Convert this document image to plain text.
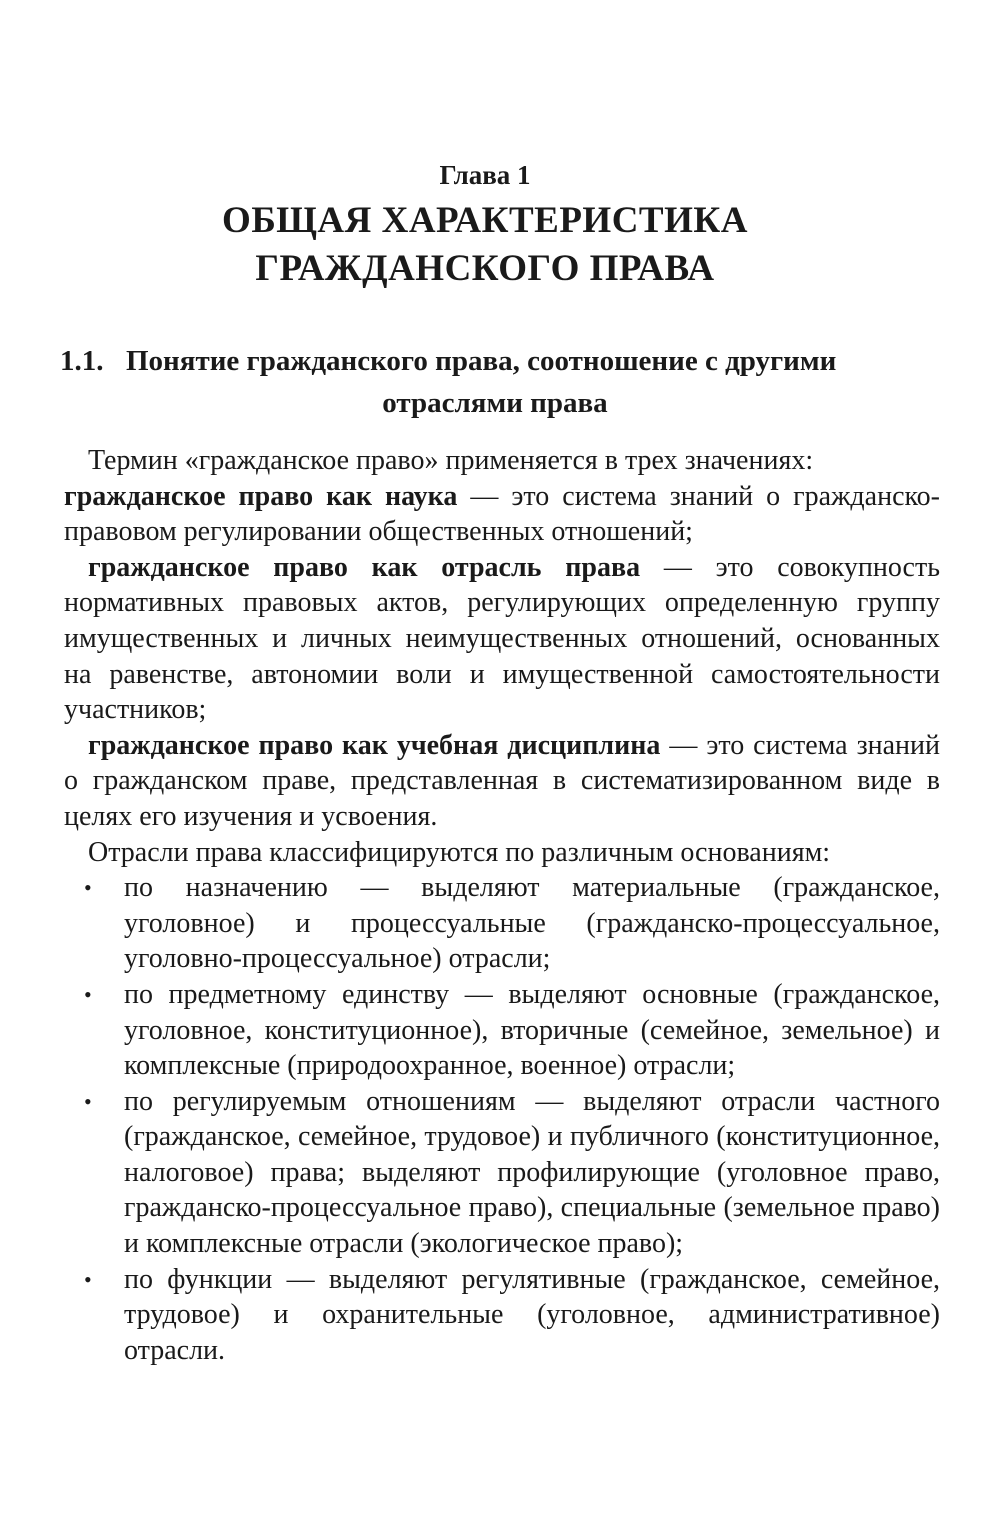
Глава 1
ОБЩАЯ ХАРАКТЕРИСТИКА
ГРАЖДАНСКОГО ПРАВА
1.1. Понятие гражданского права, соотношение с другими
отраслями права

Термин «гражданское право» применяется в трех значениях:

гражданское право как наука — это система знаний о гражданско-правовом регулировании общественных отношений;

гражданское право как отрасль права — это совокупность нормативных правовых актов, регулирующих определенную группу имущественных и личных неимущественных отношений, основанных на равенстве, автономии воли и имущественной самостоятельности участников;

гражданское право как учебная дисциплина — это система знаний о гражданском праве, представленная в систематизированном виде в целях его изучения и усвоения.

Отрасли права классифицируются по различным основаниям:

• по назначению — выделяют материальные (гражданское, уголовное) и процессуальные (гражданско-процессуальное, уголовно-процессуальное) отрасли;
• по предметному единству — выделяют основные (гражданское, уголовное, конституционное), вторичные (семейное, земельное) и комплексные (природоохранное, военное) отрасли;
• по регулируемым отношениям — выделяют отрасли частного (гражданское, семейное, трудовое) и публичного (конституционное, налоговое) права; выделяют профилирующие (уголовное право, гражданско-процессуальное право), специальные (земельное право) и комплексные отрасли (экологическое право);
• по функции — выделяют регулятивные (гражданское, семейное, трудовое) и охранительные (уголовное, административное) отрасли.
